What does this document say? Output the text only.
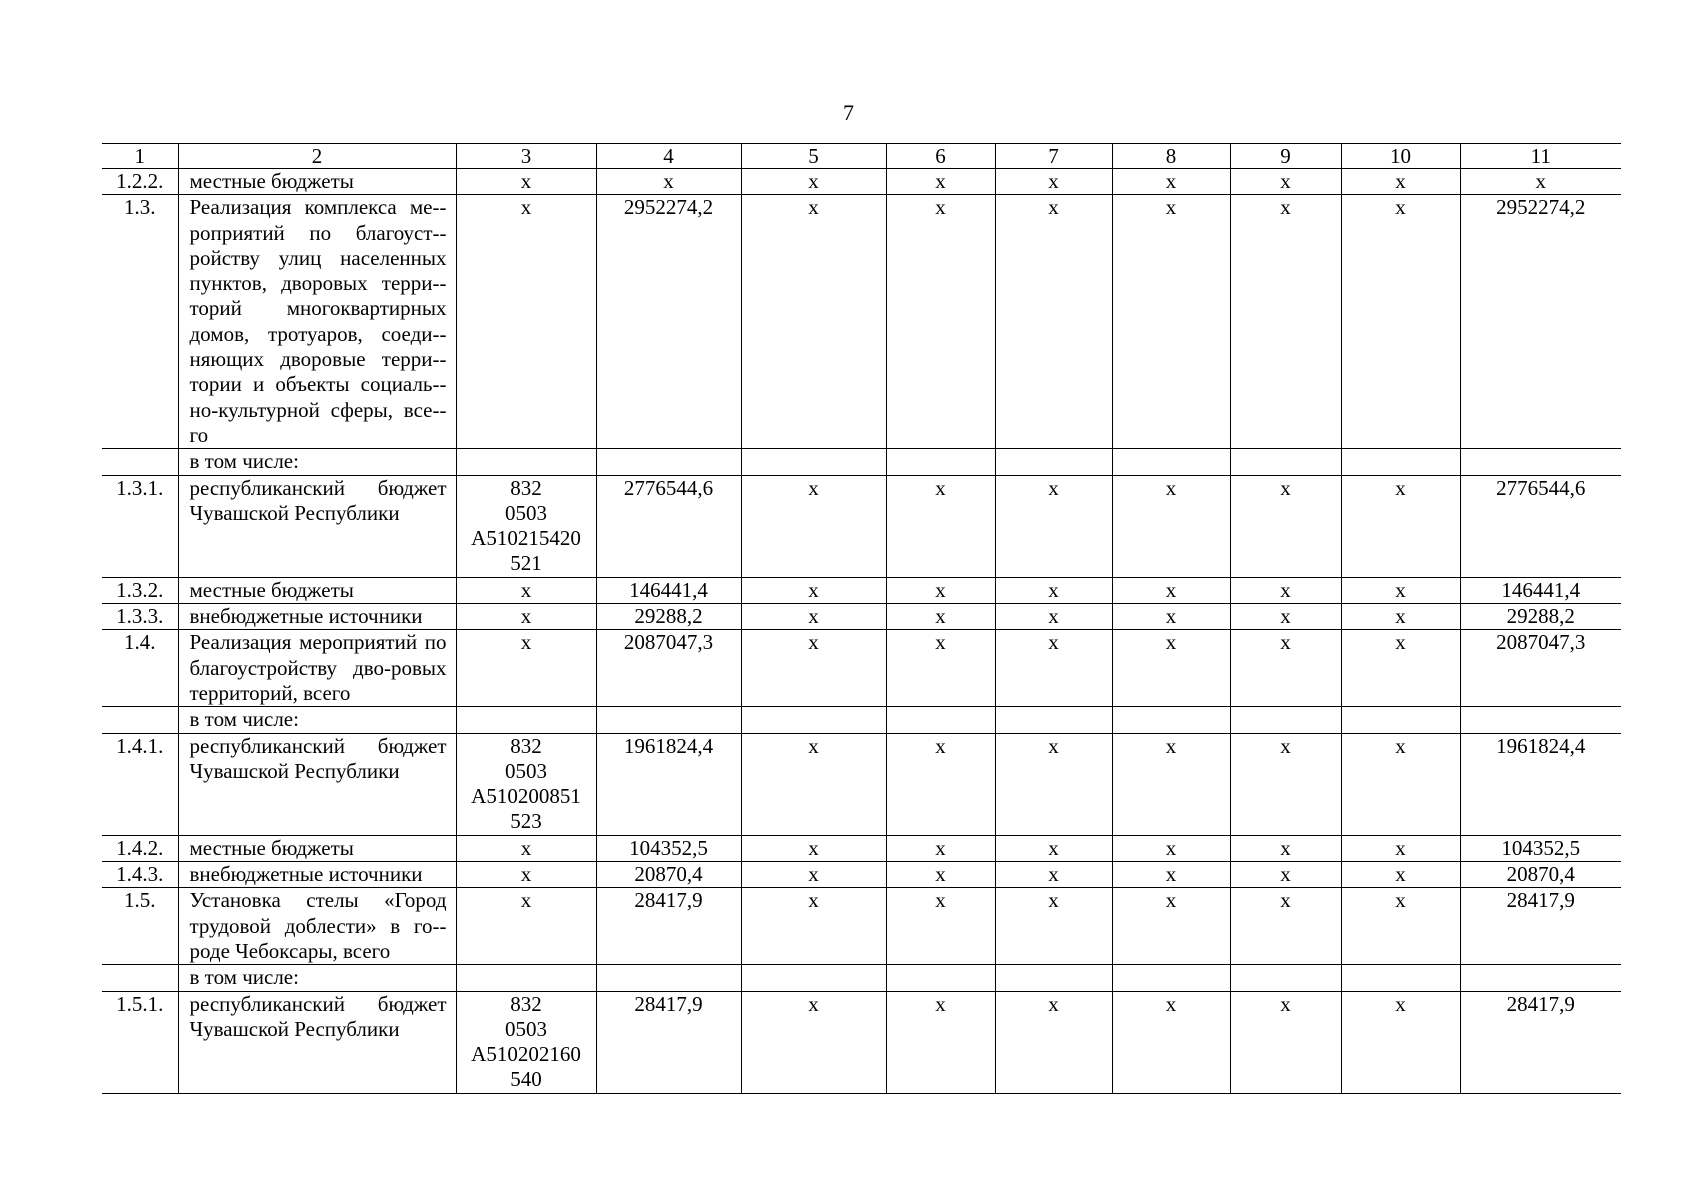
7
1	2	3	4	5	6	7	8	9	10	11
1.2.2.	местные бюджеты	x	x	x	x	x	x	x	x	x
1.3.	Реализация комплекса ме-роприятий по благоуст-ройству улиц населенных пунктов, дворовых терри-торий многоквартирных домов, тротуаров, соеди-няющих дворовые терри-тории и объекты социаль-но-культурной сферы, все-го	x	2952274,2	x	x	x	x	x	x	2952274,2
	в том числе:									
1.3.1.	республиканский бюджет Чувашской Республики	832
0503
А510215420
521	2776544,6	x	x	x	x	x	x	2776544,6
1.3.2.	местные бюджеты	x	146441,4	x	x	x	x	x	x	146441,4
1.3.3.	внебюджетные источники	x	29288,2	x	x	x	x	x	x	29288,2
1.4.	Реализация мероприятий по благоустройству дво-ровых территорий, всего	x	2087047,3	x	x	x	x	x	x	2087047,3
	в том числе:									
1.4.1.	республиканский бюджет Чувашской Республики	832
0503
А510200851
523	1961824,4	x	x	x	x	x	x	1961824,4
1.4.2.	местные бюджеты	x	104352,5	x	x	x	x	x	x	104352,5
1.4.3.	внебюджетные источники	x	20870,4	x	x	x	x	x	x	20870,4
1.5.	Установка стелы «Город трудовой доблести» в го-роде Чебоксары, всего	x	28417,9	x	x	x	x	x	x	28417,9
	в том числе:									
1.5.1.	республиканский бюджет Чувашской Республики	832
0503
А510202160
540	28417,9	x	x	x	x	x	x	28417,9
